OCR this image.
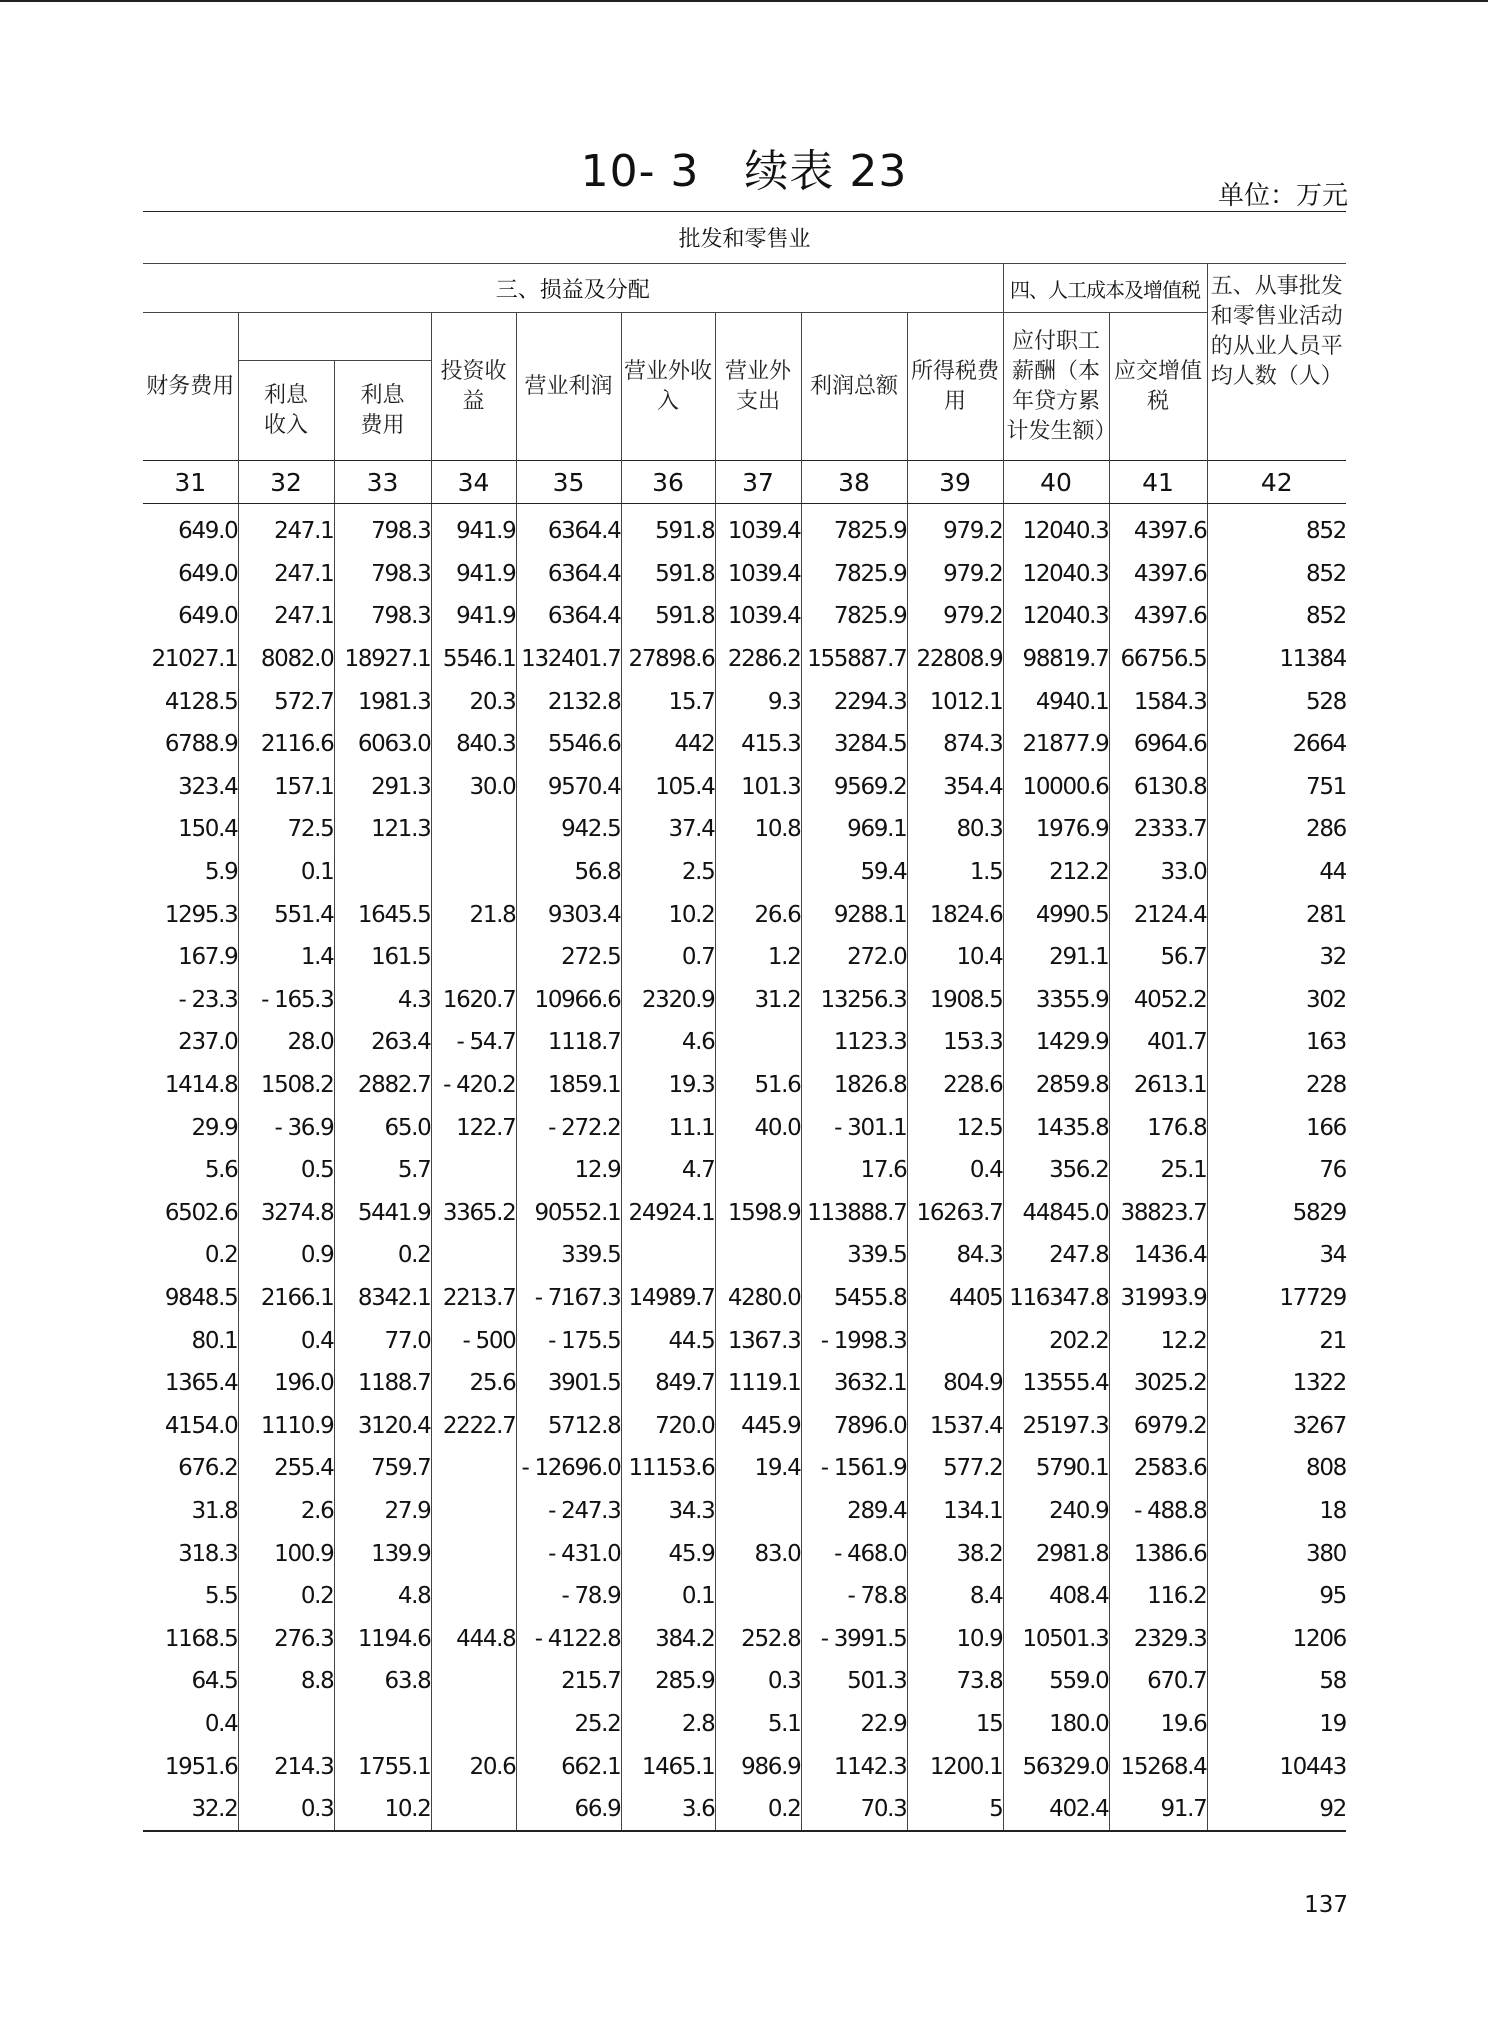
10- 3　续表 23	单位：万元
批发和零售业											
三、损益及分配									四、人工成本及增值税		五、从事批发和零售业活动的从业人员平均人数（人）
财务费用			投资收益	营业利润	营业外收入	营业外支出	利润总额	所得税费用	应付职工薪酬（本年贷方累计发生额）	应交增值税	
	利息收入	利息费用									
31	32	33	34	35	36	37	38	39	40	41	42
649.0	247.1	798.3	941.9	6364.4	591.8	1039.4	7825.9	979.2	12040.3	4397.6	852
649.0	247.1	798.3	941.9	6364.4	591.8	1039.4	7825.9	979.2	12040.3	4397.6	852
649.0	247.1	798.3	941.9	6364.4	591.8	1039.4	7825.9	979.2	12040.3	4397.6	852
21027.1	8082.0	18927.1	5546.1	132401.7	27898.6	2286.2	155887.7	22808.9	98819.7	66756.5	11384
4128.5	572.7	1981.3	20.3	2132.8	15.7	9.3	2294.3	1012.1	4940.1	1584.3	528
6788.9	2116.6	6063.0	840.3	5546.6	442	415.3	3284.5	874.3	21877.9	6964.6	2664
323.4	157.1	291.3	30.0	9570.4	105.4	101.3	9569.2	354.4	10000.6	6130.8	751
150.4	72.5	121.3		942.5	37.4	10.8	969.1	80.3	1976.9	2333.7	286
5.9	0.1			56.8	2.5		59.4	1.5	212.2	33.0	44
1295.3	551.4	1645.5	21.8	9303.4	10.2	26.6	9288.1	1824.6	4990.5	2124.4	281
167.9	1.4	161.5		272.5	0.7	1.2	272.0	10.4	291.1	56.7	32
- 23.3	- 165.3	4.3	1620.7	10966.6	2320.9	31.2	13256.3	1908.5	3355.9	4052.2	302
237.0	28.0	263.4	- 54.7	1118.7	4.6		1123.3	153.3	1429.9	401.7	163
1414.8	1508.2	2882.7	- 420.2	1859.1	19.3	51.6	1826.8	228.6	2859.8	2613.1	228
29.9	- 36.9	65.0	122.7	- 272.2	11.1	40.0	- 301.1	12.5	1435.8	176.8	166
5.6	0.5	5.7		12.9	4.7		17.6	0.4	356.2	25.1	76
6502.6	3274.8	5441.9	3365.2	90552.1	24924.1	1598.9	113888.7	16263.7	44845.0	38823.7	5829
0.2	0.9	0.2		339.5			339.5	84.3	247.8	1436.4	34
9848.5	2166.1	8342.1	2213.7	- 7167.3	14989.7	4280.0	5455.8	4405	116347.8	31993.9	17729
80.1	0.4	77.0	- 500	- 175.5	44.5	1367.3	- 1998.3		202.2	12.2	21
1365.4	196.0	1188.7	25.6	3901.5	849.7	1119.1	3632.1	804.9	13555.4	3025.2	1322
4154.0	1110.9	3120.4	2222.7	5712.8	720.0	445.9	7896.0	1537.4	25197.3	6979.2	3267
676.2	255.4	759.7		- 12696.0	11153.6	19.4	- 1561.9	577.2	5790.1	2583.6	808
31.8	2.6	27.9		- 247.3	34.3		289.4	134.1	240.9	- 488.8	18
318.3	100.9	139.9		- 431.0	45.9	83.0	- 468.0	38.2	2981.8	1386.6	380
5.5	0.2	4.8		- 78.9	0.1		- 78.8	8.4	408.4	116.2	95
1168.5	276.3	1194.6	444.8	- 4122.8	384.2	252.8	- 3991.5	10.9	10501.3	2329.3	1206
64.5	8.8	63.8		215.7	285.9	0.3	501.3	73.8	559.0	670.7	58
0.4				25.2	2.8	5.1	22.9	15	180.0	19.6	19
1951.6	214.3	1755.1	20.6	662.1	1465.1	986.9	1142.3	1200.1	56329.0	15268.4	10443
32.2	0.3	10.2		66.9	3.6	0.2	70.3	5	402.4	91.7	92
137
